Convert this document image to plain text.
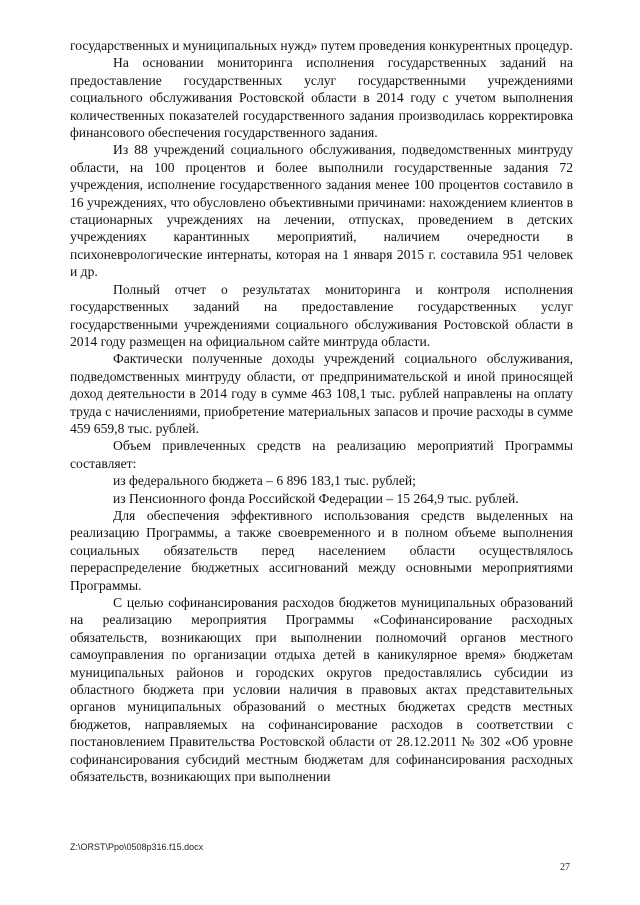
государственных и муниципальных нужд» путем проведения конкурентных процедур.

На основании мониторинга исполнения государственных заданий на предоставление государственных услуг государственными учреждениями социального обслуживания Ростовской области в 2014 году с учетом выполнения количественных показателей государственного задания производилась корректировка финансового обеспечения государственного задания.

Из 88 учреждений социального обслуживания, подведомственных минтруду области, на 100 процентов и более выполнили государственные задания 72 учреждения, исполнение государственного задания менее 100 процентов составило в 16 учреждениях, что обусловлено объективными причинами: нахождением клиентов в стационарных учреждениях на лечении, отпусках, проведением в детских учреждениях карантинных мероприятий, наличием очередности в психоневрологические интернаты, которая на 1 января 2015 г. составила 951 человек и др.

Полный отчет о результатах мониторинга и контроля исполнения государственных заданий на предоставление государственных услуг государственными учреждениями социального обслуживания Ростовской области в 2014 году размещен на официальном сайте минтруда области.

Фактически полученные доходы учреждений социального обслуживания, подведомственных минтруду области, от предпринимательской и иной приносящей доход деятельности в 2014 году в сумме 463 108,1 тыс. рублей направлены на оплату труда с начислениями, приобретение материальных запасов и прочие расходы в сумме 459 659,8 тыс. рублей.

Объем привлеченных средств на реализацию мероприятий Программы составляет:

из федерального бюджета – 6 896 183,1 тыс. рублей;

из Пенсионного фонда Российской Федерации – 15 264,9 тыс. рублей.

Для обеспечения эффективного использования средств выделенных на реализацию Программы, а также своевременного и в полном объеме выполнения социальных обязательств перед населением области осуществлялось перераспределение бюджетных ассигнований между основными мероприятиями Программы.

С целью софинансирования расходов бюджетов муниципальных образований на реализацию мероприятия Программы «Софинансирование расходных обязательств, возникающих при выполнении полномочий органов местного самоуправления по организации отдыха детей в каникулярное время» бюджетам муниципальных районов и городских округов предоставлялись субсидии из областного бюджета при условии наличия в правовых актах представительных органов муниципальных образований о местных бюджетах средств местных бюджетов, направляемых на софинансирование расходов в соответствии с постановлением Правительства Ростовской области от 28.12.2011 № 302 «Об уровне софинансирования субсидий местным бюджетам для софинансирования расходных обязательств, возникающих при выполнении

Z:\ORST\Ppo\0508p316.f15.docx
27
